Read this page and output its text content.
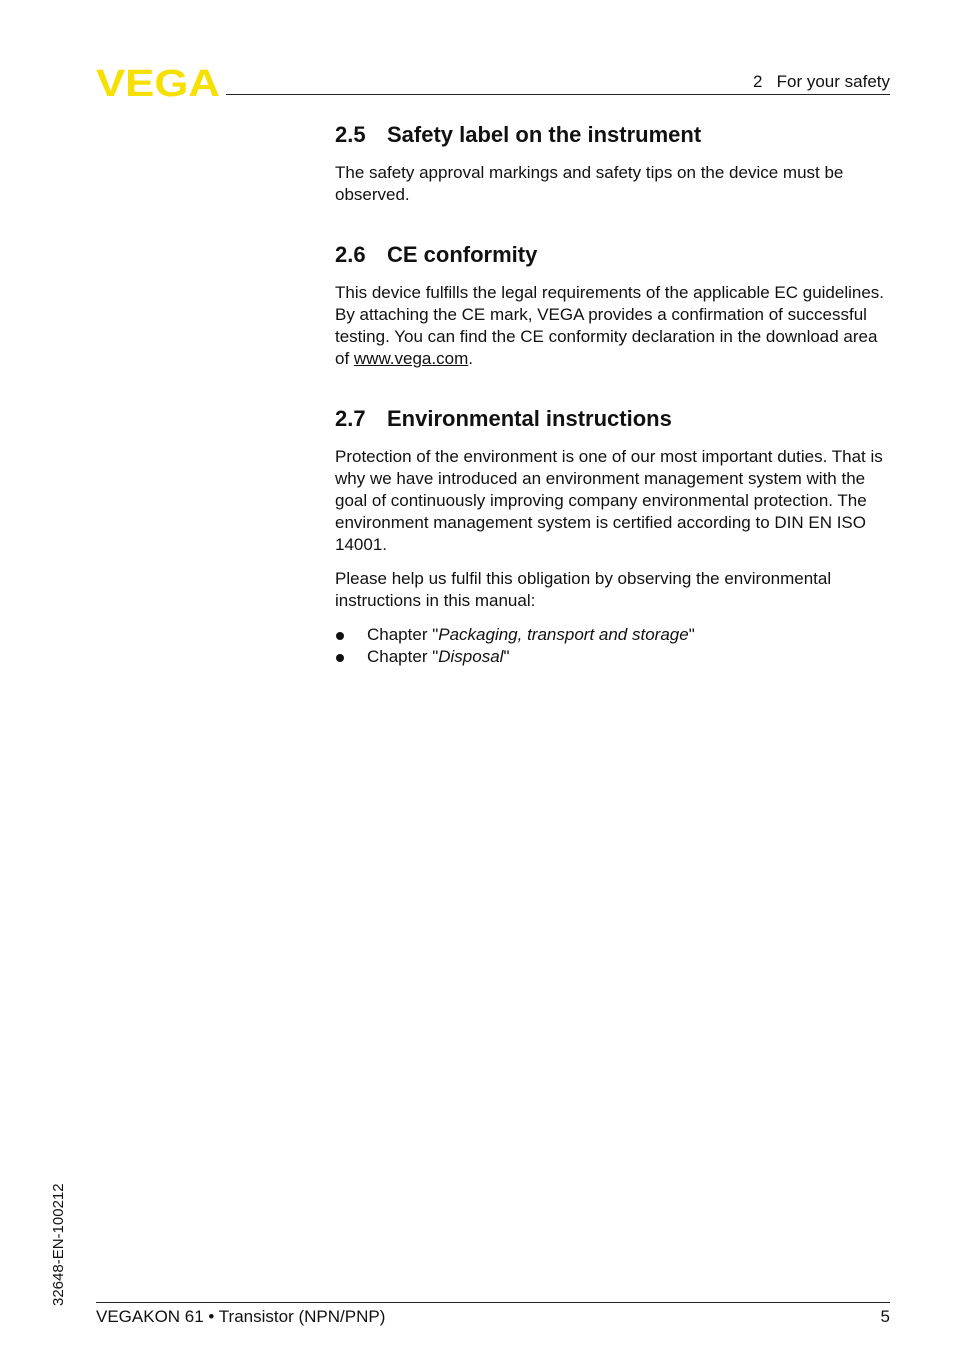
VEGA	2   For your safety
2.5 Safety label on the instrument

The safety approval markings and safety tips on the device must be observed.

2.6 CE conformity

This device fulfills the legal requirements of the applicable EC guidelines. By attaching the CE mark, VEGA provides a confirmation of successful testing. You can find the CE conformity declaration in the download area of www.vega.com.

2.7 Environmental instructions

Protection of the environment is one of our most important duties. That is why we have introduced an environment management system with the goal of continuously improving company environmental protection. The environment management system is certified according to DIN EN ISO 14001.

Please help us fulfil this obligation by observing the environmental instructions in this manual:

Chapter "Packaging, transport and storage"
Chapter "Disposal"
32648-EN-100212
VEGAKON 61 • Transistor (NPN/PNP)	5
